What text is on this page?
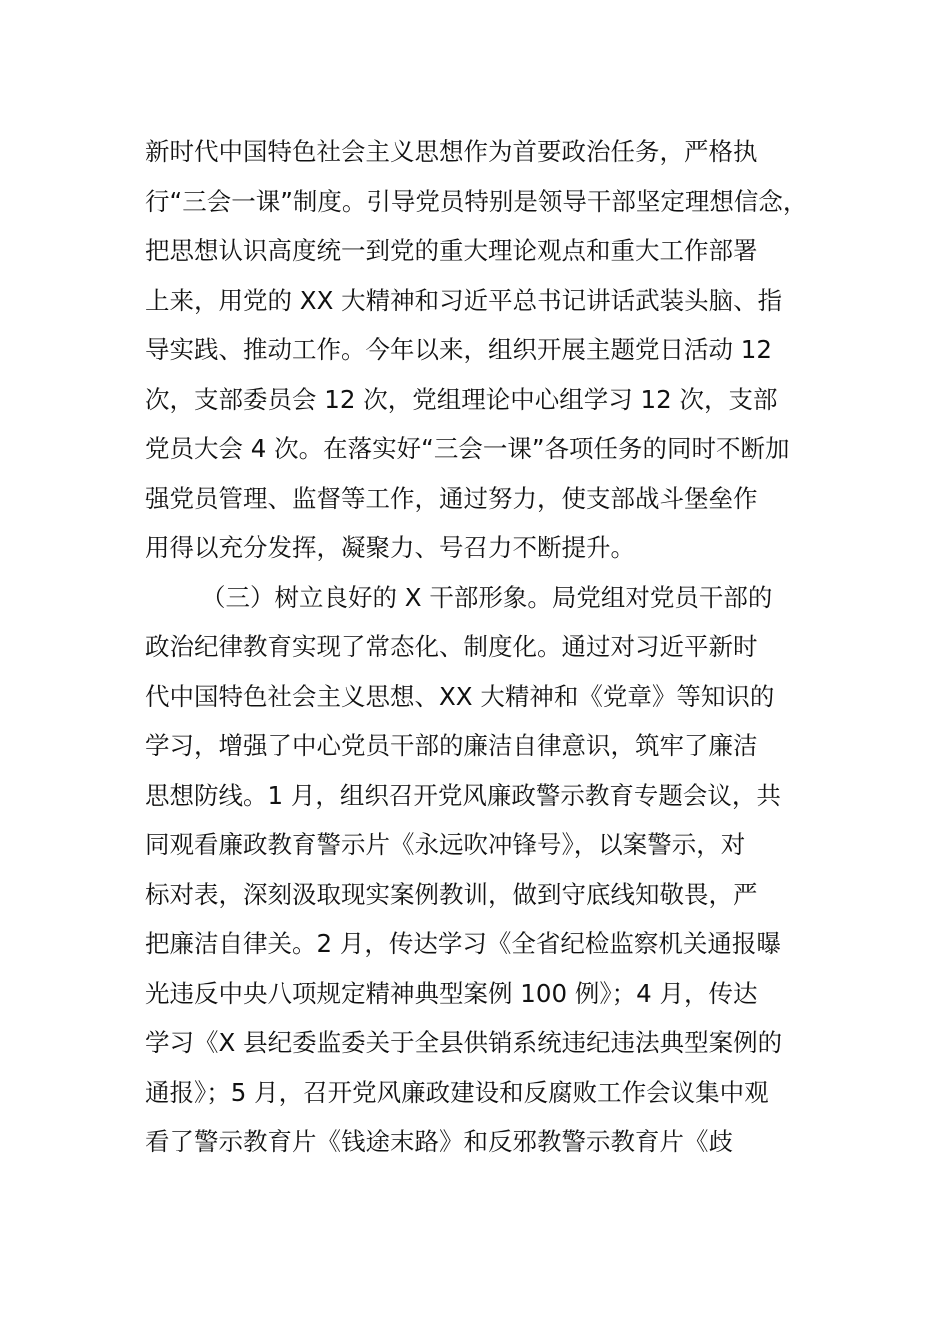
新时代中国特色社会主义思想作为首要政治任务，严格执
行“三会一课”制度。引导党员特别是领导干部坚定理想信念，
把思想认识高度统一到党的重大理论观点和重大工作部署
上来，用党的 XX 大精神和习近平总书记讲话武装头脑、指
导实践、推动工作。今年以来，组织开展主题党日活动 12
次，支部委员会 12 次，党组理论中心组学习 12 次，支部
党员大会 4 次。在落实好“三会一课”各项任务的同时不断加
强党员管理、监督等工作，通过努力，使支部战斗堡垒作
用得以充分发挥，凝聚力、号召力不断提升。
（三）树立良好的 X 干部形象。局党组对党员干部的
政治纪律教育实现了常态化、制度化。通过对习近平新时
代中国特色社会主义思想、XX 大精神和《党章》等知识的
学习，增强了中心党员干部的廉洁自律意识，筑牢了廉洁
思想防线。1 月，组织召开党风廉政警示教育专题会议，共
同观看廉政教育警示片《永远吹冲锋号》，以案警示，对
标对表，深刻汲取现实案例教训，做到守底线知敬畏，严
把廉洁自律关。2 月，传达学习《全省纪检监察机关通报曝
光违反中央八项规定精神典型案例 100 例》；4 月，传达
学习《X 县纪委监委关于全县供销系统违纪违法典型案例的
通报》；5 月，召开党风廉政建设和反腐败工作会议集中观
看了警示教育片《钱途末路》和反邪教警示教育片《歧
